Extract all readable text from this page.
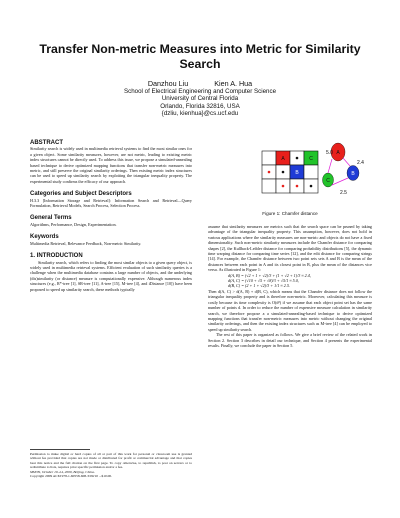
Transfer Non-metric Measures into Metric for Similarity Search
Danzhou Liu	Kien A. Hua
School of Electrical Engineering and Computer Science
University of Central Florida
Orlando, Florida 32816, USA
{dzliu, kienhua}@cs.ucf.edu

ABSTRACT

Similarity search is widely used in multimedia retrieval systems to find the most similar ones for a given object. Some similarity measures, however, are not metric, leading to existing metric index structures cannot be directly used. To address this issue, we propose a simulated-annealing based technique to derive optimized mapping functions that transfer non-metric measures into metric, and still preserve the original similarity orderings. Then existing metric index structures can be used to speed up similarity search by exploiting the triangular inequality property. The experimental study confirms the efficacy of our approach.

Categories and Subject Descriptors

H.3.3 [Information Storage and Retrieval]: Information Search and Retrieval—Query Formulation, Retrieval Models, Search Process, Selection Process.

General Terms

Algorithms, Performance, Design, Experimentation.

Keywords

Multimedia Retrieval, Relevance Feedback, Non-metric Similarity.

1. INTRODUCTION

Similarity search, which refers to finding the most similar objects to a given query object, is widely used in multimedia retrieval systems. Efficient evaluation of such similarity queries is a challenge when the multimedia database contains a large number of objects, and the underlying (dis)similarity (or distance) measure is computationally expensive. Although numerous index structures (e.g., R*-tree [1], SR-tree [11], A-tree [15], M-tree [4], and iDistance [10]) have been proposed to speed up similarity search, these methods typically

Permission to make digital or hard copies of all or part of this work for personal or classroom use is granted without fee provided that copies are not made or distributed for profit or commercial advantage and that copies bear this notice and the full citation on the first page. To copy otherwise, to republish, to post on servers or to redistribute to lists, requires prior specific permission and/or a fee.

MM'09, October 19–24, 2009, Beijing, China.

Copyright 2009 ACM 978-1-60558-608-3/09/10 ...$10.00.

A
B
C
A
B
C
5.0
2.4
2.5
Figure 1: Chamfer distance

assume that similarity measures are metrics such that the search space can be pruned by taking advantage of the triangular inequality property. This assumption, however, does not hold in various applications where the similarity measures are non-metric and objects do not have a fixed dimensionality. Such non-metric similarity measures include the Chamfer distance for comparing shapes [2], the Kullback-Leibler distance for comparing probability distributions [5], the dynamic time warping distance for comparing time series [12], and the edit distance for comparing strings [14]. For example, the Chamfer distance between two point sets sets A and B is the mean of the distances between each point in A and its closest point in B, plus the mean of the distances vice versa. As illustrated in Figure 1:

d(A, B) = (√2 + 1 + √2)/3 + (1 + √2 + 1)/3 ≈ 2.4,

d(A, C) = (√10 + √5 + √8)/3 + √5/1 ≈ 5.0,

d(B, C) = (2 + 1 + √2)/3 + 1/1 ≈ 2.5.

Then d(A, C) > d(A, B) + d(B, C), which means that the Chamfer distance does not follow the triangular inequality property and is therefore non-metric. Moreover, calculating this measure is costly because its time complexity is O(d²) if we assume that each object point set has the same number of points d. In order to reduce the number of expensive measure calculation in similarity search, we therefore propose a a simulated-annealing-based technique to derive optimized mapping functions that transfer non-metric measures into metric without changing the original similarity orderings, and then the existing index structures such as M-tree [4] can be employed to speed up similarity search.

The rest of this paper is organized as follows. We give a brief review of the related work in Section 2. Section 3 describes in detail our technique, and Section 4 presents the experimental results. Finally, we conclude the paper in Section 5.
